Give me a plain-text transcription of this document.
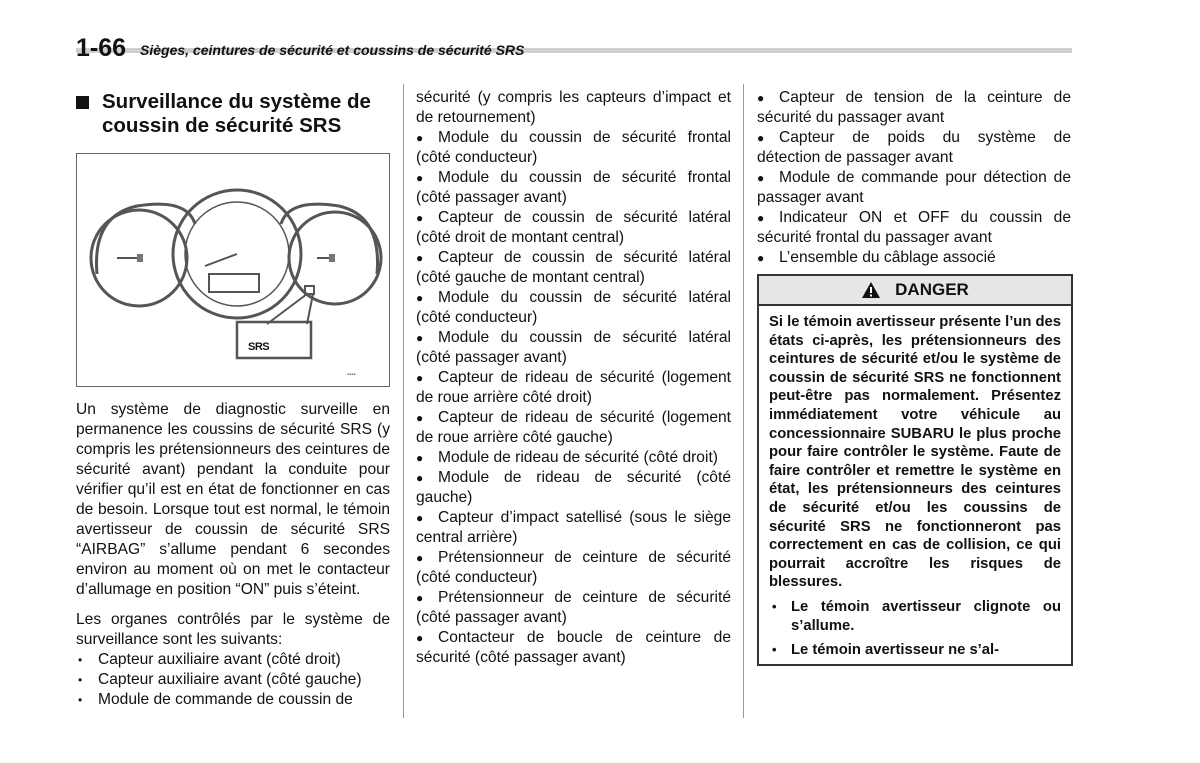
1-66 Sièges, ceintures de sécurité et coussins de sécurité SRS
Surveillance du système de coussin de sécurité SRS
▪▪▪▪
SRS

Un système de diagnostic surveille en permanence les coussins de sécurité SRS (y compris les prétensionneurs des ceintures de sécurité avant) pendant la conduite pour vérifier qu’il est en état de fonctionner en cas de besoin. Lorsque tout est normal, le témoin avertisseur de coussin de sécurité SRS “AIRBAG” s’allume pendant 6 secondes environ au moment où on met le contacteur d’allumage en position “ON” puis s’éteint.

Les organes contrôlés par le système de surveillance sont les suivants:

• Capteur auxiliaire avant (côté droit)
• Capteur auxiliaire avant (côté gauche)
• Module de commande de coussin de

sécurité (y compris les capteurs d’impact et de retournement)

● Module du coussin de sécurité frontal (côté conducteur)
● Module du coussin de sécurité frontal (côté passager avant)
● Capteur de coussin de sécurité latéral (côté droit de montant central)
● Capteur de coussin de sécurité latéral (côté gauche de montant central)
● Module du coussin de sécurité latéral (côté conducteur)
● Module du coussin de sécurité latéral (côté passager avant)
● Capteur de rideau de sécurité (logement de roue arrière côté droit)
● Capteur de rideau de sécurité (logement de roue arrière côté gauche)
● Module de rideau de sécurité (côté droit)
● Module de rideau de sécurité (côté gauche)
● Capteur d’impact satellisé (sous le siège central arrière)
● Prétensionneur de ceinture de sécurité (côté conducteur)
● Prétensionneur de ceinture de sécurité (côté passager avant)
● Contacteur de boucle de ceinture de sécurité (côté passager avant)
● Capteur de tension de la ceinture de sécurité du passager avant
● Capteur de poids du système de détection de passager avant
● Module de commande pour détection de passager avant
● Indicateur ON et OFF du coussin de sécurité frontal du passager avant
● L’ensemble du câblage associé
DANGER

Si le témoin avertisseur présente l’un des états ci-après, les prétensionneurs des ceintures de sécurité et/ou le système de coussin de sécurité SRS ne fonctionnent peut-être pas normalement. Présentez immédiatement votre véhicule au concessionnaire SUBARU le plus proche pour faire contrôler le système. Faute de faire contrôler et remettre le système en état, les prétensionneurs des ceintures de sécurité et/ou les coussins de sécurité SRS ne fonctionneront pas correctement en cas de collision, ce qui pourrait accroître les risques de blessures.

• Le témoin avertisseur clignote ou s’allume.
• Le témoin avertisseur ne s’al-
